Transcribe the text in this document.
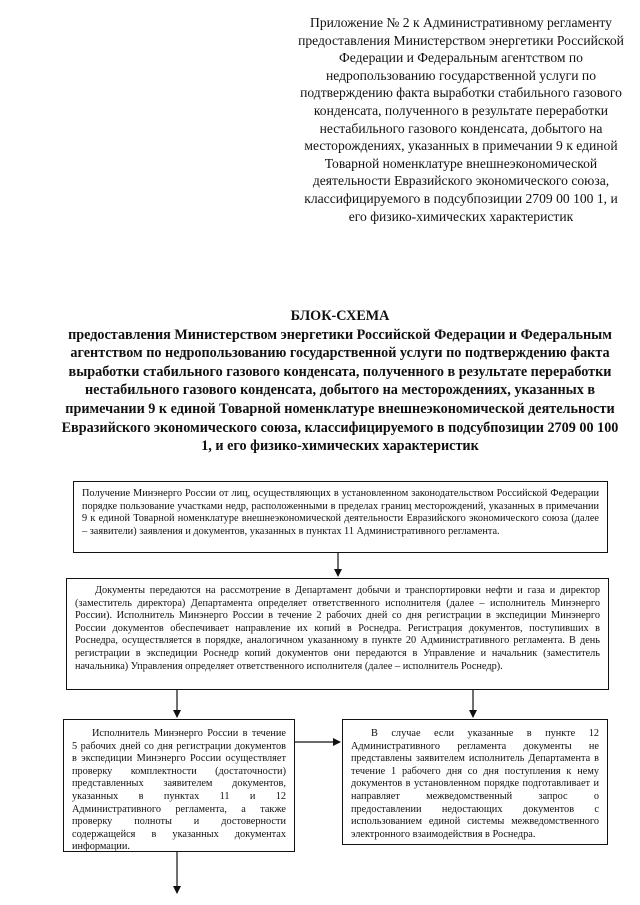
Приложение № 2 к Административному регламенту предоставления Министерством энергетики Российской Федерации и Федеральным агентством по недропользованию государственной услуги по подтверждению факта выработки стабильного газового конденсата, полученного в результате переработки нестабильного газового конденсата, добытого на месторождениях, указанных в примечании 9 к единой Товарной номенклатуре внешнеэкономической деятельности Евразийского экономического союза, классифицируемого в подсубпозиции 2709 00 100 1, и его физико-химических характеристик
БЛОК-СХЕМА
предоставления Министерством энергетики Российской Федерации и Федеральным агентством по недропользованию государственной услуги по подтверждению факта выработки стабильного газового конденсата, полученного в результате переработки нестабильного газового конденсата, добытого на месторождениях, указанных в примечании 9 к единой Товарной номенклатуре внешнеэкономической деятельности Евразийского экономического союза, классифицируемого в подсубпозиции 2709 00 100 1, и его физико-химических характеристик
Получение Минэнерго России от лиц, осуществляющих в установленном законодательством Российской Федерации порядке пользование участками недр, расположенными в пределах границ месторождений, указанных в примечании 9 к единой Товарной номенклатуре внешнеэкономической деятельности Евразийского экономического союза (далее – заявители) заявления и документов, указанных в пунктах 11 Административного регламента.
Документы передаются на рассмотрение в Департамент добычи и транспортировки нефти и газа и директор (заместитель директора) Департамента определяет ответственного исполнителя (далее – исполнитель Минэнерго России). Исполнитель Минэнерго России в течение 2 рабочих дней со дня регистрации в экспедиции Минэнерго России документов обеспечивает направление их копий в Роснедра. Регистрация документов, поступивших в Роснедра, осуществляется в порядке, аналогичном указанному в пункте 20 Административного регламента. В день регистрации в экспедиции Роснедр копий документов они передаются в Управление и начальник (заместитель начальника) Управления определяет ответственного исполнителя (далее – исполнитель Роснедр).
Исполнитель Минэнерго России в течение 5 рабочих дней со дня регистрации документов в экспедиции Минэнерго России осуществляет проверку комплектности (достаточности) представленных заявителем документов, указанных в пунктах 11 и 12 Административного регламента, а также проверку полноты и достоверности содержащейся в указанных документах информации.
В случае если указанные в пункте 12 Административного регламента документы не представлены заявителем исполнитель Департамента в течение 1 рабочего дня со дня поступления к нему документов в установленном порядке подготавливает и направляет межведомственный запрос о предоставлении недостающих документов с использованием единой системы межведомственного электронного взаимодействия в Роснедра.
